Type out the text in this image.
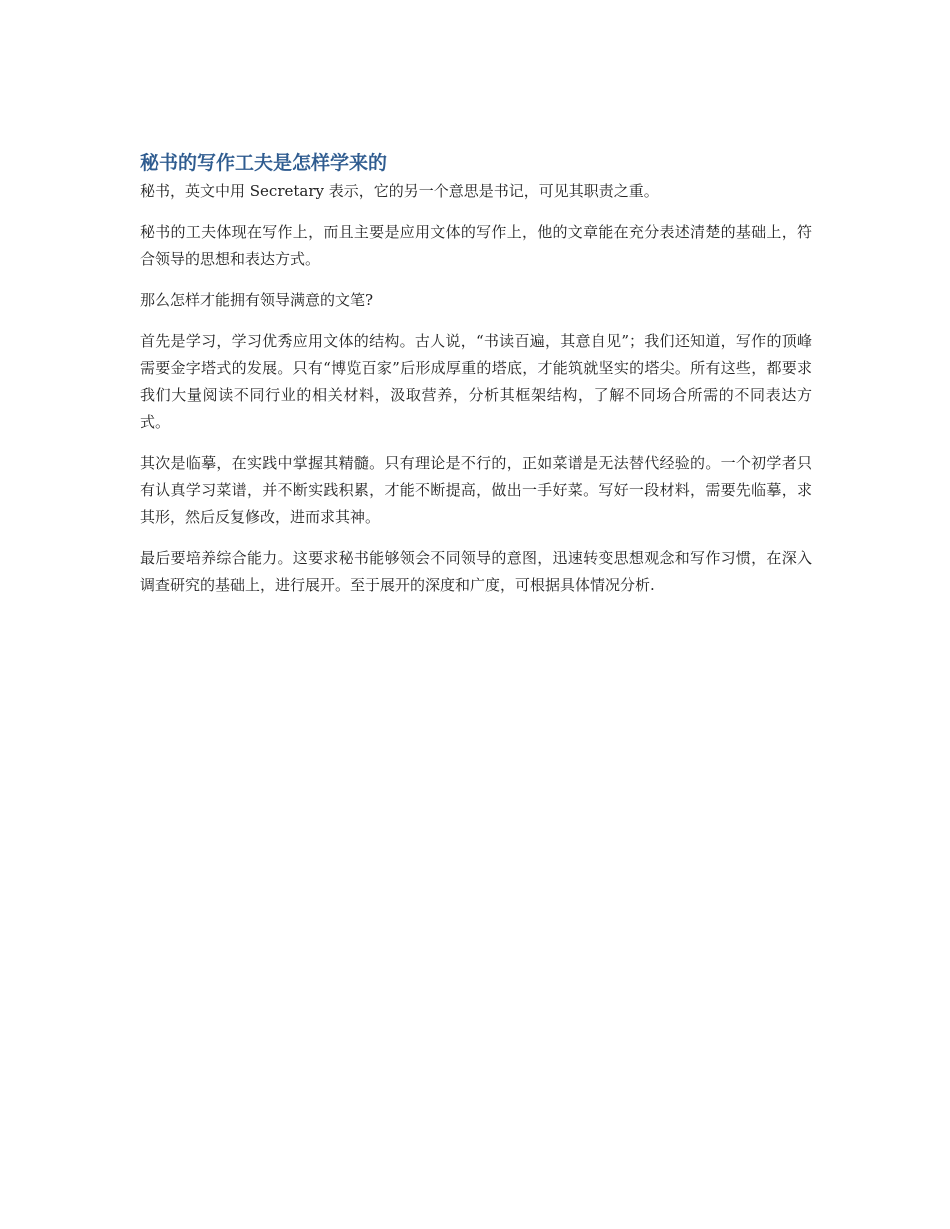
秘书的写作工夫是怎样学来的

秘书，英文中用 Secretary 表示，它的另一个意思是书记，可见其职责之重。

秘书的工夫体现在写作上，而且主要是应用文体的写作上，他的文章能在充分表述清楚的基础上，符合领导的思想和表达方式。

那么怎样才能拥有领导满意的文笔?

首先是学习，学习优秀应用文体的结构。古人说，“书读百遍，其意自见”；我们还知道，写作的顶峰需要金字塔式的发展。只有“博览百家”后形成厚重的塔底，才能筑就坚实的塔尖。所有这些，都要求我们大量阅读不同行业的相关材料，汲取营养，分析其框架结构，了解不同场合所需的不同表达方式。

其次是临摹，在实践中掌握其精髓。只有理论是不行的，正如菜谱是无法替代经验的。一个初学者只有认真学习菜谱，并不断实践积累，才能不断提高，做出一手好菜。写好一段材料，需要先临摹，求其形，然后反复修改，进而求其神。

最后要培养综合能力。这要求秘书能够领会不同领导的意图，迅速转变思想观念和写作习惯，在深入调查研究的基础上，进行展开。至于展开的深度和广度，可根据具体情况分析.
